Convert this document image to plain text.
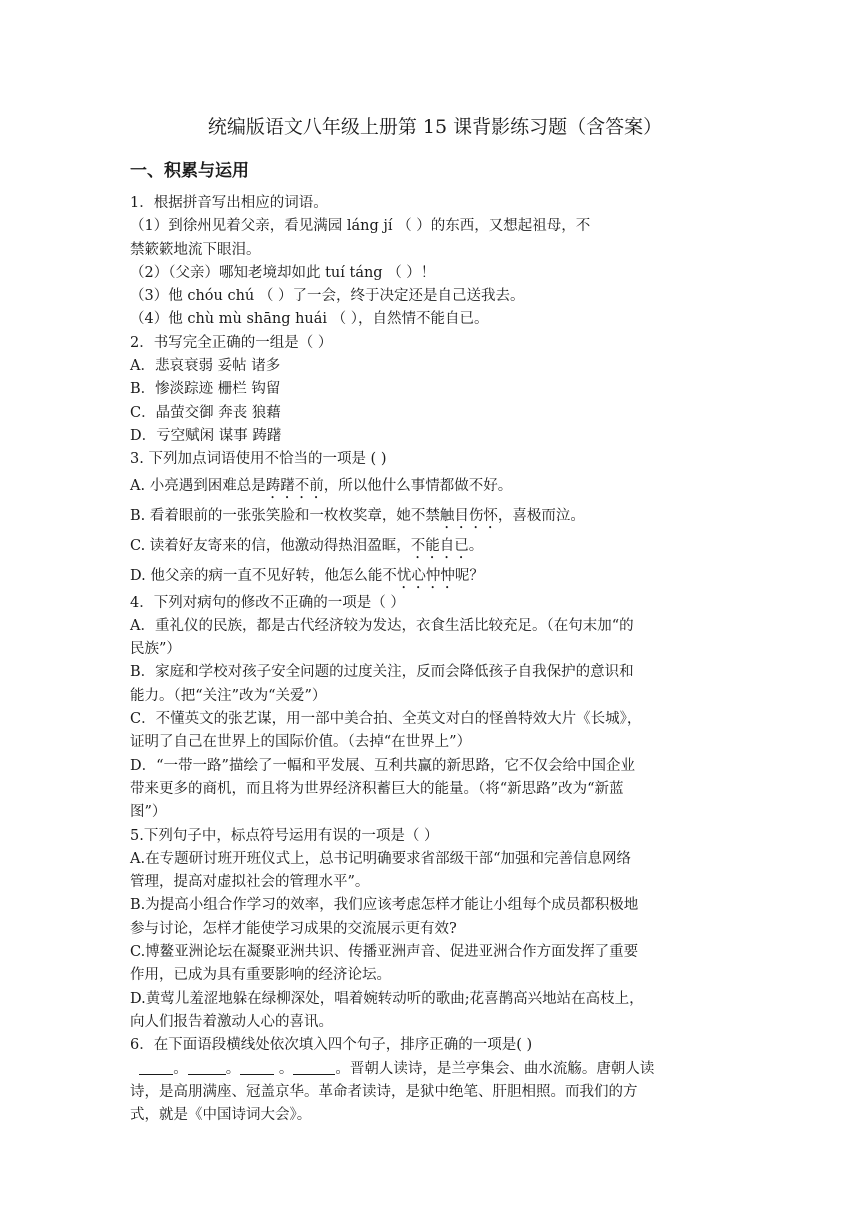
统编版语文八年级上册第 15 课背影练习题（含答案）
一、积累与运用
1．根据拼音写出相应的词语。
（1）到徐州见着父亲，看见满园 láng jí （ ）的东西，又想起祖母，不
禁簌簌地流下眼泪。
（2）（父亲）哪知老境却如此 tuí táng （ ）！
（3）他 chóu chú （ ）了一会，终于决定还是自己送我去。
（4）他 chù mù shāng huái （ ），自然情不能自已。
2．书写完全正确的一组是（ ）
A．悲哀衰弱 妥帖 诸多
B．惨淡踪迹 栅栏 钩留
C．晶萤交御 奔丧 狼藉
D．亏空赋闲 谋事 踌躇
3. 下列加点词语使用不恰当的一项是 ( )
A. 小亮遇到困难总是踌躇不前，所以他什么事情都做不好。
B. 看着眼前的一张张笑脸和一枚枚奖章，她不禁触目伤怀，喜极而泣。
C. 读着好友寄来的信，他激动得热泪盈眶，不能自已。
D. 他父亲的病一直不见好转，他怎么能不忧心忡忡呢？
4．下列对病句的修改不正确的一项是（ ）
A．重礼仪的民族，都是古代经济较为发达，衣食生活比较充足。（在句末加“的
民族”）
B．家庭和学校对孩子安全问题的过度关注，反而会降低孩子自我保护的意识和
能力。（把“关注”改为“关爱”）
C．不懂英文的张艺谋，用一部中美合拍、全英文对白的怪兽特效大片《长城》，
证明了自己在世界上的国际价值。（去掉“在世界上”）
D．“一带一路”描绘了一幅和平发展、互利共赢的新思路，它不仅会给中国企业
带来更多的商机，而且将为世界经济积蓄巨大的能量。（将“新思路”改为“新蓝
图”）
5.下列句子中，标点符号运用有误的一项是（ ）
A.在专题研讨班开班仪式上，总书记明确要求省部级干部“加强和完善信息网络
管理，提高对虚拟社会的管理水平”。
B.为提高小组合作学习的效率，我们应该考虑怎样才能让小组每个成员都积极地
参与讨论，怎样才能使学习成果的交流展示更有效?
C.博鳌亚洲论坛在凝聚亚洲共识、传播亚洲声音、促进亚洲合作方面发挥了重要
作用，已成为具有重要影响的经济论坛。
D.黄莺儿羞涩地躲在绿柳深处，唱着婉转动听的歌曲;花喜鹊高兴地站在高枝上，
向人们报告着激动人心的喜讯。
6．在下面语段横线处依次填入四个句子，排序正确的一项是( )
。	。 。	。晋朝人读诗，是兰亭集会、曲水流觞。唐朝人读
诗，是高朋满座、冠盖京华。革命者读诗，是狱中绝笔、肝胆相照。而我们的方
式，就是《中国诗词大会》。
